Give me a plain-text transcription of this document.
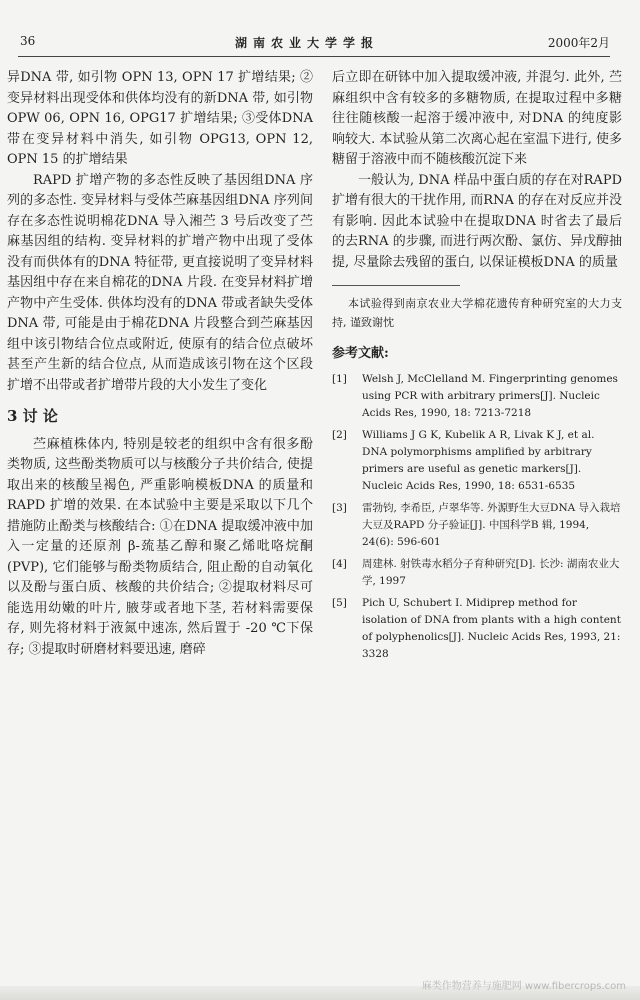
36	湖南农业大学学报	2000年2月

异DNA 带, 如引物 OPN 13, OPN 17 扩增结果; ②变异材料出现受体和供体均没有的新DNA 带, 如引物 OPW 06, OPN 16, OPG17 扩增结果; ③受体DNA 带在变异材料中消失, 如引物 OPG13, OPN 12, OPN 15 的扩增结果

RAPD 扩增产物的多态性反映了基因组DNA 序列的多态性. 变异材料与受体苎麻基因组DNA 序列间存在多态性说明棉花DNA 导入湘苎 3 号后改变了苎麻基因组的结构. 变异材料的扩增产物中出现了受体没有而供体有的DNA 特征带, 更直接说明了变异材料基因组中存在来自棉花的DNA 片段. 在变异材料扩增产物中产生受体. 供体均没有的DNA 带或者缺失受体DNA 带, 可能是由于棉花DNA 片段整合到苎麻基因组中该引物结合位点或附近, 使原有的结合位点破坏甚至产生新的结合位点, 从而造成该引物在这个区段扩增不出带或者扩增带片段的大小发生了变化

3 讨 论

苎麻植株体内, 特别是较老的组织中含有很多酚类物质, 这些酚类物质可以与核酸分子共价结合, 使提取出来的核酸呈褐色, 严重影响模板DNA 的质量和RAPD 扩增的效果. 在本试验中主要是采取以下几个措施防止酚类与核酸结合: ①在DNA 提取缓冲液中加入一定量的还原剂 β-巯基乙醇和聚乙烯吡咯烷酮(PVP), 它们能够与酚类物质结合, 阻止酚的自动氧化以及酚与蛋白质、核酸的共价结合; ②提取材料尽可能选用幼嫩的叶片, 腋芽或者地下茎, 若材料需要保存, 则先将材料于液氮中速冻, 然后置于 -20 ℃下保存; ③提取时研磨材料要迅速, 磨碎

后立即在研钵中加入提取缓冲液, 并混匀. 此外, 苎麻组织中含有较多的多糖物质, 在提取过程中多糖往往随核酸一起溶于缓冲液中, 对DNA 的纯度影响较大. 本试验从第二次离心起在室温下进行, 使多糖留于溶液中而不随核酸沉淀下来

一般认为, DNA 样品中蛋白质的存在对RAPD 扩增有很大的干扰作用, 而RNA 的存在对反应并没有影响. 因此本试验中在提取DNA 时省去了最后的去RNA 的步骤, 而进行两次酚、氯仿、异戊醇抽提, 尽量除去残留的蛋白, 以保证模板DNA 的质量

本试验得到南京农业大学棉花遗传育种研究室的大力支持, 谨致谢忱

参考文献:
[1] Welsh J, McClelland M. Fingerprinting genomes using PCR with arbitrary primers[J]. Nucleic Acids Res, 1990, 18: 7213-7218
[2] Williams J G K, Kubelik A R, Livak K J, et al. DNA polymorphisms amplified by arbitrary primers are useful as genetic markers[J]. Nucleic Acids Res, 1990, 18: 6531-6535
[3] 雷勃钧, 李希臣, 卢翠华等. 外源野生大豆DNA 导入栽培大豆及RAPD 分子验证[J]. 中国科学B 辑, 1994, 24(6): 596-601
[4] 周建林. 射铁毒水稻分子育种研究[D]. 长沙: 湖南农业大学, 1997
[5] Pich U, Schubert I. Midiprep method for isolation of DNA from plants with a high content of polyphenolics[J]. Nucleic Acids Res, 1993, 21: 3328
麻类作物营养与施肥网 www.fibercrops.com
